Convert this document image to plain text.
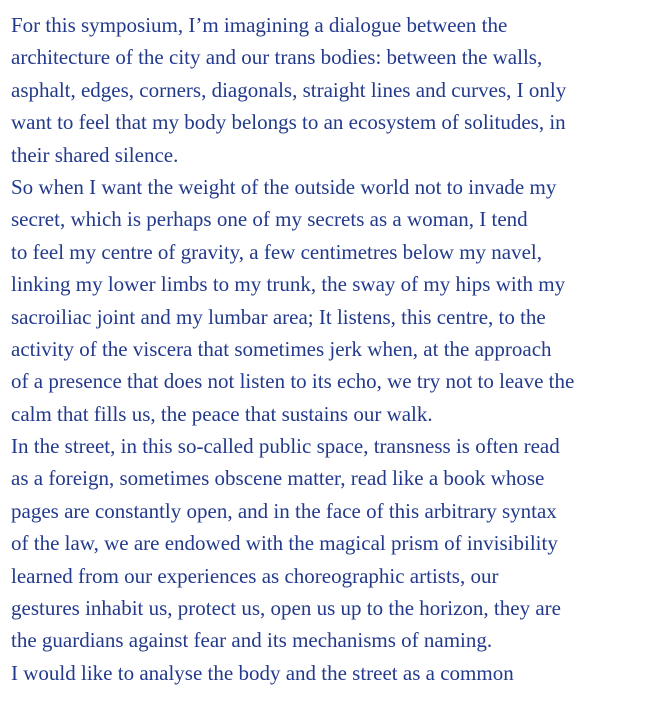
For this symposium, I’m imagining a dialogue between the
architecture of the city and our trans bodies: between the walls,
asphalt, edges, corners, diagonals, straight lines and curves, I only
want to feel that my body belongs to an ecosystem of solitudes, in
their shared silence.

So when I want the weight of the outside world not to invade my
secret, which is perhaps one of my secrets as a woman, I tend
to feel my centre of gravity, a few centimetres below my navel,
linking my lower limbs to my trunk, the sway of my hips with my
sacroiliac joint and my lumbar area; It listens, this centre, to the
activity of the viscera that sometimes jerk when, at the approach
of a presence that does not listen to its echo, we try not to leave the
calm that fills us, the peace that sustains our walk.

In the street, in this so-called public space, transness is often read
as a foreign, sometimes obscene matter, read like a book whose
pages are constantly open, and in the face of this arbitrary syntax
of the law, we are endowed with the magical prism of invisibility
learned from our experiences as choreographic artists, our
gestures inhabit us, protect us, open us up to the horizon, they are
the guardians against fear and its mechanisms of naming.

I would like to analyse the body and the street as a common
